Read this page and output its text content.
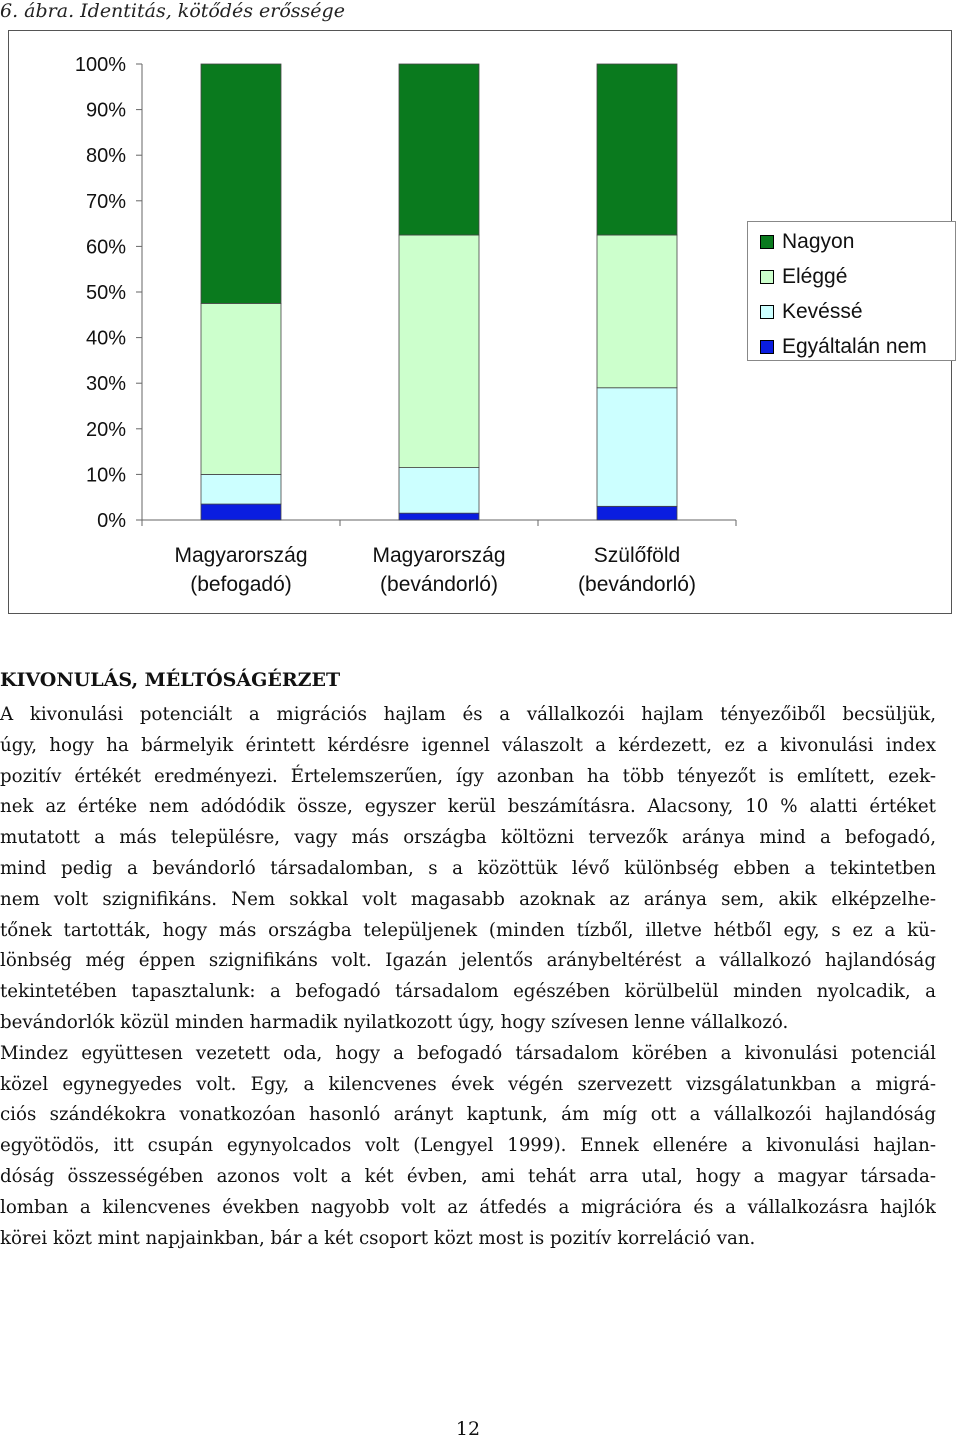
6. ábra. Identitás, kötődés erőssége
0%
10%
20%
30%
40%
50%
60%
70%
80%
90%
100%
Magyarország
(befogadó)
Magyarország
(bevándorló)
Szülőföld
(bevándorló)
Nagyon
Eléggé
Kevéssé
Egyáltalán nem
KIVONULÁS, MÉLTÓSÁGÉRZET
A kivonulási potenciált a migrációs hajlam és a vállalkozói hajlam tényezőiből becsüljük,
úgy, hogy ha bármelyik érintett kérdésre igennel válaszolt a kérdezett, ez a kivonulási index
pozitív értékét eredményezi. Értelemszerűen, így azonban ha több tényezőt is említett, ezek-
nek az értéke nem adódódik össze, egyszer kerül beszámításra. Alacsony, 10 % alatti értéket
mutatott a más településre, vagy más országba költözni tervezők aránya mind a befogadó,
mind pedig a bevándorló társadalomban, s a közöttük lévő különbség ebben a tekintetben
nem volt szignifikáns. Nem sokkal volt magasabb azoknak az aránya sem, akik elképzelhe-
tőnek tartották, hogy más országba települjenek (minden tízből, illetve hétből egy, s ez a kü-
lönbség még éppen szignifikáns volt. Igazán jelentős aránybeltérést a vállalkozó hajlandóság
tekintetében tapasztalunk: a befogadó társadalom egészében körülbelül minden nyolcadik, a
bevándorlók közül minden harmadik nyilatkozott úgy, hogy szívesen lenne vállalkozó.
Mindez együttesen vezetett oda, hogy a befogadó társadalom körében a kivonulási potenciál
közel egynegyedes volt. Egy, a kilencvenes évek végén szervezett vizsgálatunkban a migrá-
ciós szándékokra vonatkozóan hasonló arányt kaptunk, ám míg ott a vállalkozói hajlandóság
egyötödös, itt csupán egynyolcados volt (Lengyel 1999). Ennek ellenére a kivonulási hajlan-
dóság összességében azonos volt a két évben, ami tehát arra utal, hogy a magyar társada-
lomban a kilencvenes években nagyobb volt az átfedés a migrációra és a vállalkozásra hajlók
körei közt mint napjainkban, bár a két csoport közt most is pozitív korreláció van.
12
